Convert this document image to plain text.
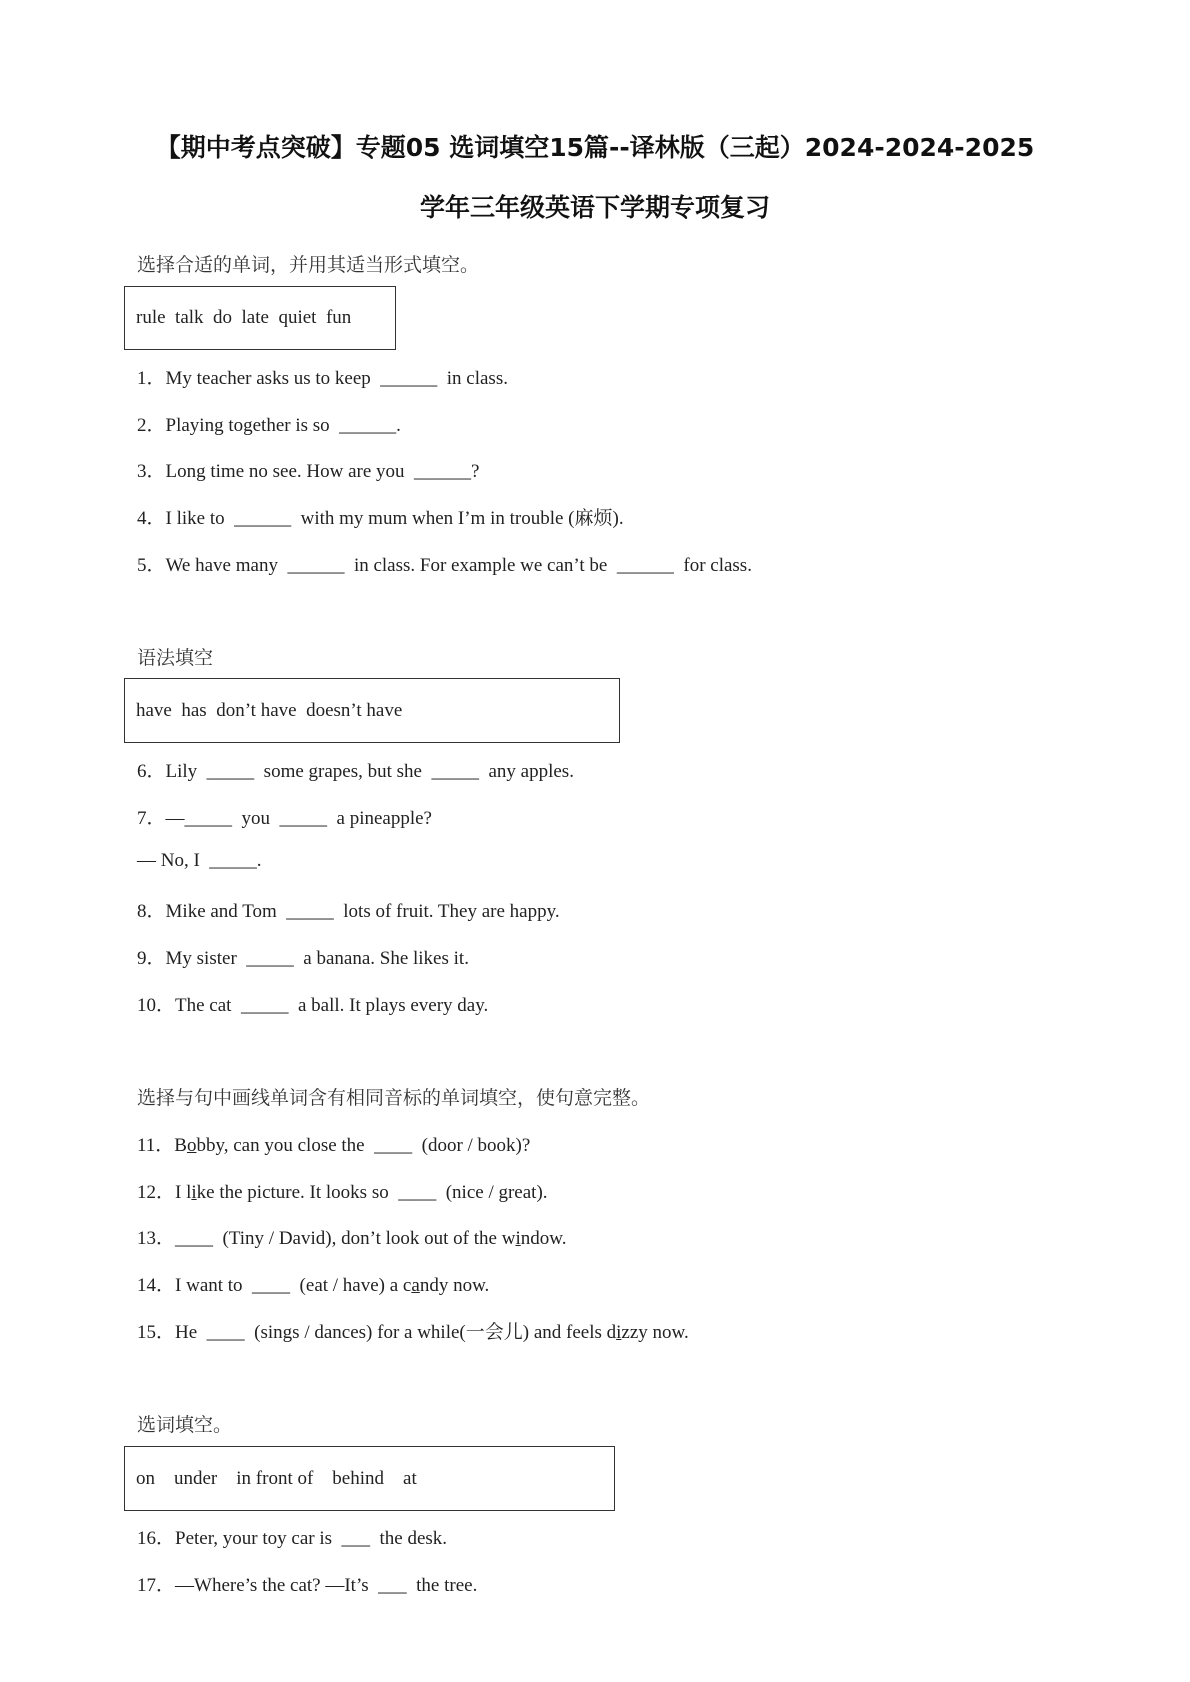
【期中考点突破】专题05 选词填空15篇--译林版（三起）2024-2024-2025
学年三年级英语下学期专项复习
选择合适的单词，并用其适当形式填空。
rule  talk  do  late  quiet  fun
1．My teacher asks us to keep  ______  in class.
2．Playing together is so  ______.
3．Long time no see. How are you  ______?
4．I like to  ______  with my mum when I’m in trouble (麻烦).
5．We have many  ______  in class. For example we can’t be  ______  for class.
语法填空
have  has  don’t have  doesn’t have
6．Lily  _____  some grapes, but she  _____  any apples.
7．—_____  you  _____  a pineapple?
— No, I  _____.
8．Mike and Tom  _____  lots of fruit. They are happy.
9．My sister  _____  a banana. She likes it.
10．The cat  _____  a ball. It plays every day.
选择与句中画线单词含有相同音标的单词填空，使句意完整。
11．Bobby, can you close the  ____  (door / book)?
12．I like the picture. It looks so  ____  (nice / great).
13．____  (Tiny / David), don’t look out of the window.
14．I want to  ____  (eat / have) a candy now.
15．He  ____  (sings / dances) for a while(一会儿) and feels dizzy now.
选词填空。
on    under    in front of    behind    at
16．Peter, your toy car is  ___  the desk.
17．—Where’s the cat? —It’s  ___  the tree.
